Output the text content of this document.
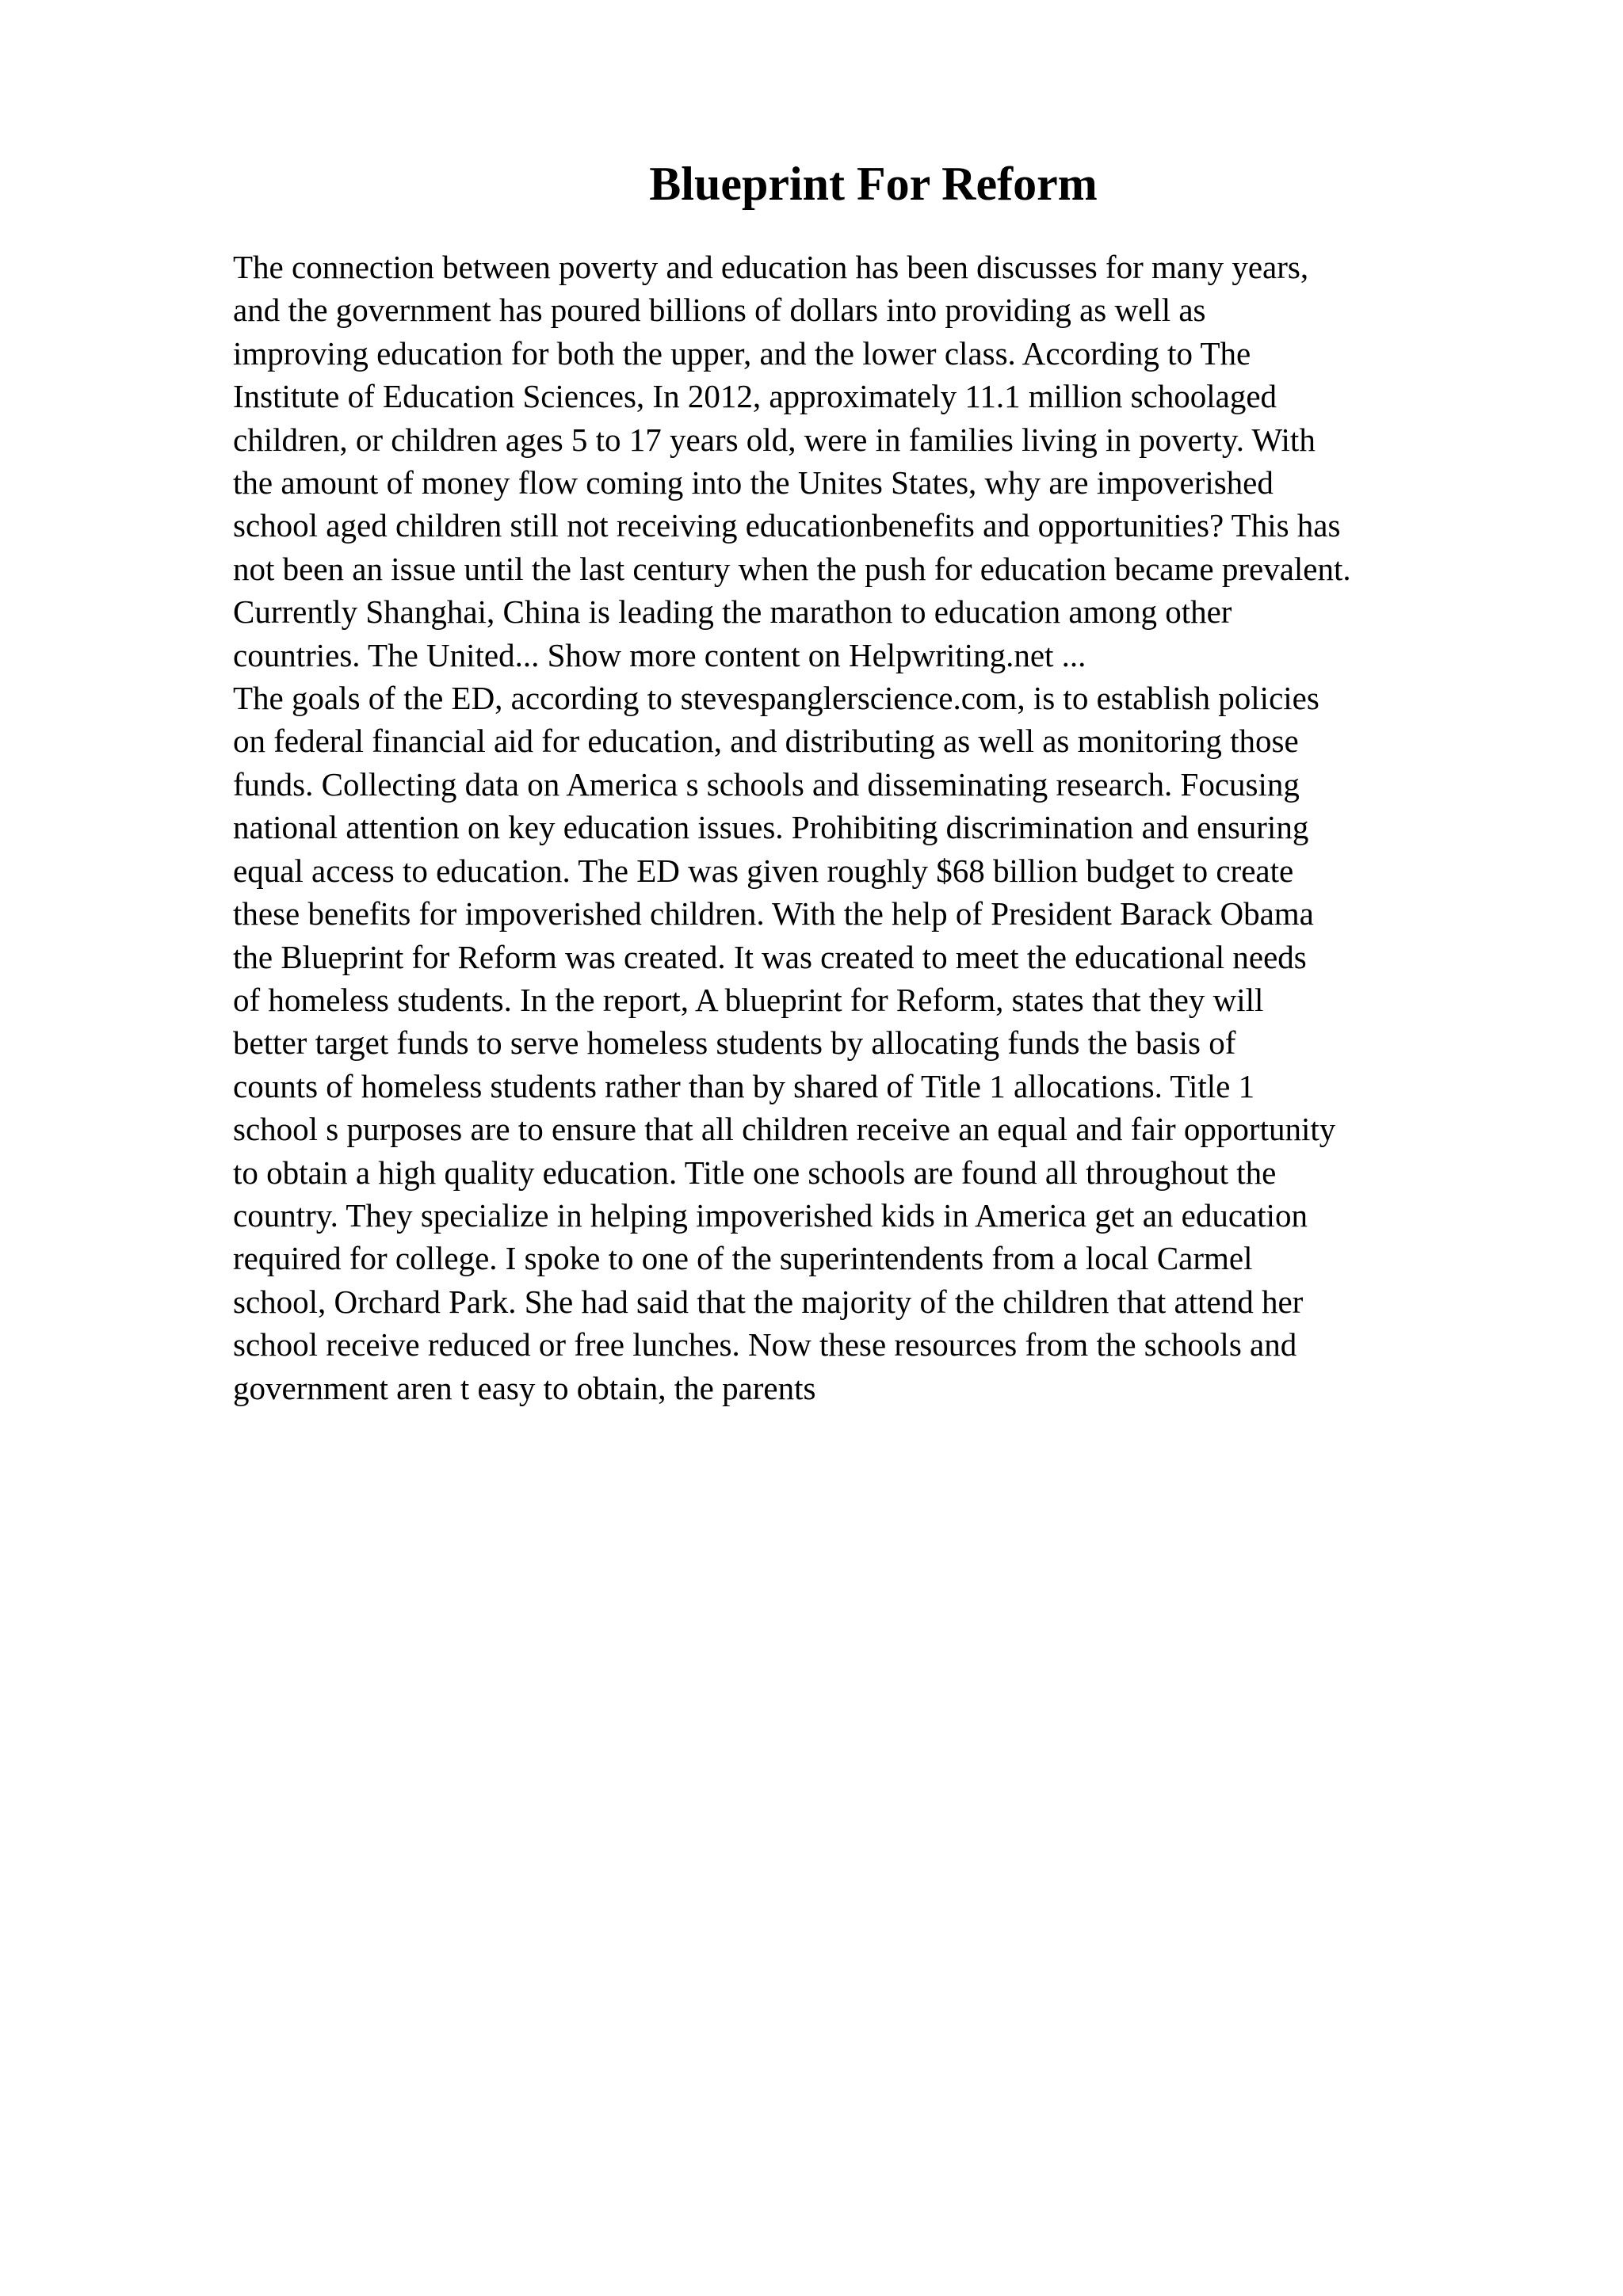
Blueprint For Reform
The connection between poverty and education has been discusses for many years,
and the government has poured billions of dollars into providing as well as
improving education for both the upper, and the lower class. According to The
Institute of Education Sciences, In 2012, approximately 11.1 million schoolaged
children, or children ages 5 to 17 years old, were in families living in poverty. With
the amount of money flow coming into the Unites States, why are impoverished
school aged children still not receiving educationbenefits and opportunities? This has
not been an issue until the last century when the push for education became prevalent.
Currently Shanghai, China is leading the marathon to education among other
countries. The United... Show more content on Helpwriting.net ...
The goals of the ED, according to stevespanglerscience.com, is to establish policies
on federal financial aid for education, and distributing as well as monitoring those
funds. Collecting data on America s schools and disseminating research. Focusing
national attention on key education issues. Prohibiting discrimination and ensuring
equal access to education. The ED was given roughly $68 billion budget to create
these benefits for impoverished children. With the help of President Barack Obama
the Blueprint for Reform was created. It was created to meet the educational needs
of homeless students. In the report, A blueprint for Reform, states that they will
better target funds to serve homeless students by allocating funds the basis of
counts of homeless students rather than by shared of Title 1 allocations. Title 1
school s purposes are to ensure that all children receive an equal and fair opportunity
to obtain a high quality education. Title one schools are found all throughout the
country. They specialize in helping impoverished kids in America get an education
required for college. I spoke to one of the superintendents from a local Carmel
school, Orchard Park. She had said that the majority of the children that attend her
school receive reduced or free lunches. Now these resources from the schools and
government aren t easy to obtain, the parents
